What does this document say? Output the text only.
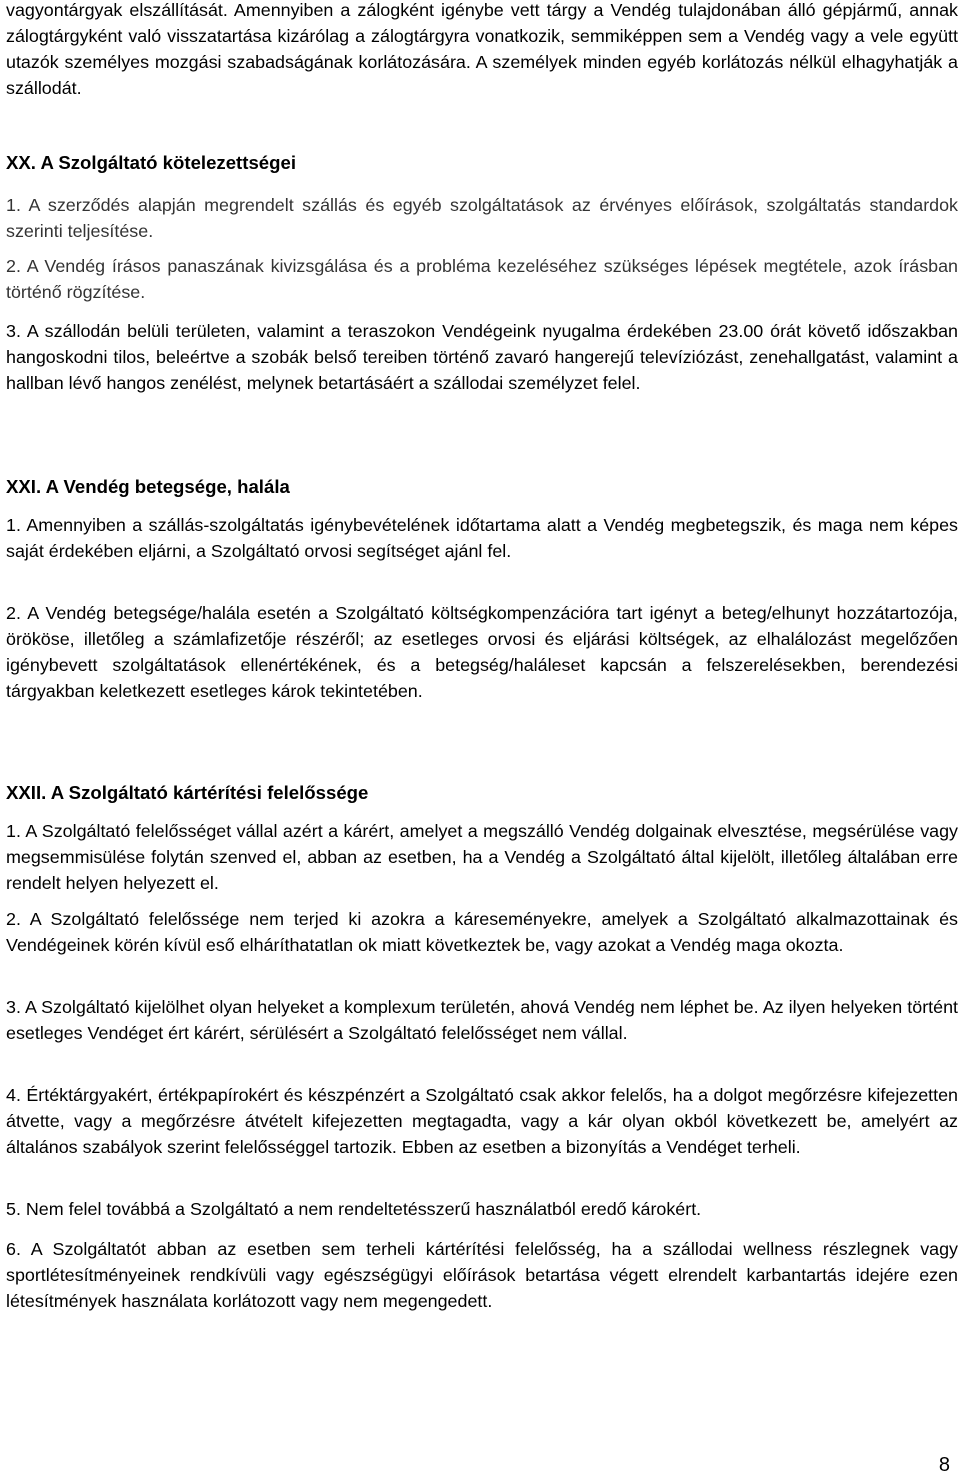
vagyontárgyak elszállítását. Amennyiben a zálogként igénybe vett tárgy a Vendég tulajdonában álló gépjármű, annak zálogtárgyként való visszatartása kizárólag a zálogtárgyra vonatkozik, semmiképpen sem a Vendég vagy a vele együtt utazók személyes mozgási szabadságának korlátozására. A személyek minden egyéb korlátozás nélkül elhagyhatják a szállodát.

XX. A Szolgáltató kötelezettségei

1. A szerződés alapján megrendelt szállás és egyéb szolgáltatások az érvényes előírások, szolgáltatás standardok szerinti teljesítése.

2. A Vendég írásos panaszának kivizsgálása és a probléma kezeléséhez szükséges lépések megtétele, azok írásban történő rögzítése.

3. A szállodán belüli területen, valamint a teraszokon Vendégeink nyugalma érdekében 23.00 órát követő időszakban hangoskodni tilos, beleértve a szobák belső tereiben történő zavaró hangerejű televíziózást, zenehallgatást, valamint a hallban lévő hangos zenélést, melynek betartásáért a szállodai személyzet felel.

XXI. A Vendég betegsége, halála

1. Amennyiben a szállás-szolgáltatás igénybevételének időtartama alatt a Vendég megbetegszik, és maga nem képes saját érdekében eljárni, a Szolgáltató orvosi segítséget ajánl fel.

2. A Vendég betegsége/halála esetén a Szolgáltató költségkompenzációra tart igényt a beteg/elhunyt hozzátartozója, örököse, illetőleg a számlafizetője részéről; az esetleges orvosi és eljárási költségek, az elhalálozást megelőzően igénybevett szolgáltatások ellenértékének, és a betegség/haláleset kapcsán a felszerelésekben, berendezési tárgyakban keletkezett esetleges károk tekintetében.

XXII. A Szolgáltató kártérítési felelőssége

1. A Szolgáltató felelősséget vállal azért a kárért, amelyet a megszálló Vendég dolgainak elvesztése, megsérülése vagy megsemmisülése folytán szenved el, abban az esetben, ha a Vendég a Szolgáltató által kijelölt, illetőleg általában erre rendelt helyen helyezett el.

2. A Szolgáltató felelőssége nem terjed ki azokra a káreseményekre, amelyek a Szolgáltató alkalmazottainak és Vendégeinek körén kívül eső elháríthatatlan ok miatt következtek be, vagy azokat a Vendég maga okozta.

3. A Szolgáltató kijelölhet olyan helyeket a komplexum területén, ahová Vendég nem léphet be. Az ilyen helyeken történt esetleges Vendéget ért kárért, sérülésért a Szolgáltató felelősséget nem vállal.

4. Értéktárgyakért, értékpapírokért és készpénzért a Szolgáltató csak akkor felelős, ha a dolgot megőrzésre kifejezetten átvette, vagy a megőrzésre átvételt kifejezetten megtagadta, vagy a kár olyan okból következett be, amelyért az általános szabályok szerint felelősséggel tartozik. Ebben az esetben a bizonyítás a Vendéget terheli.

5. Nem felel továbbá a Szolgáltató a nem rendeltetésszerű használatból eredő károkért.

6. A Szolgáltatót abban az esetben sem terheli kártérítési felelősség, ha a szállodai wellness részlegnek vagy sportlétesítményeinek rendkívüli vagy egészségügyi előírások betartása végett elrendelt karbantartás idejére ezen létesítmények használata korlátozott vagy nem megengedett.

8
